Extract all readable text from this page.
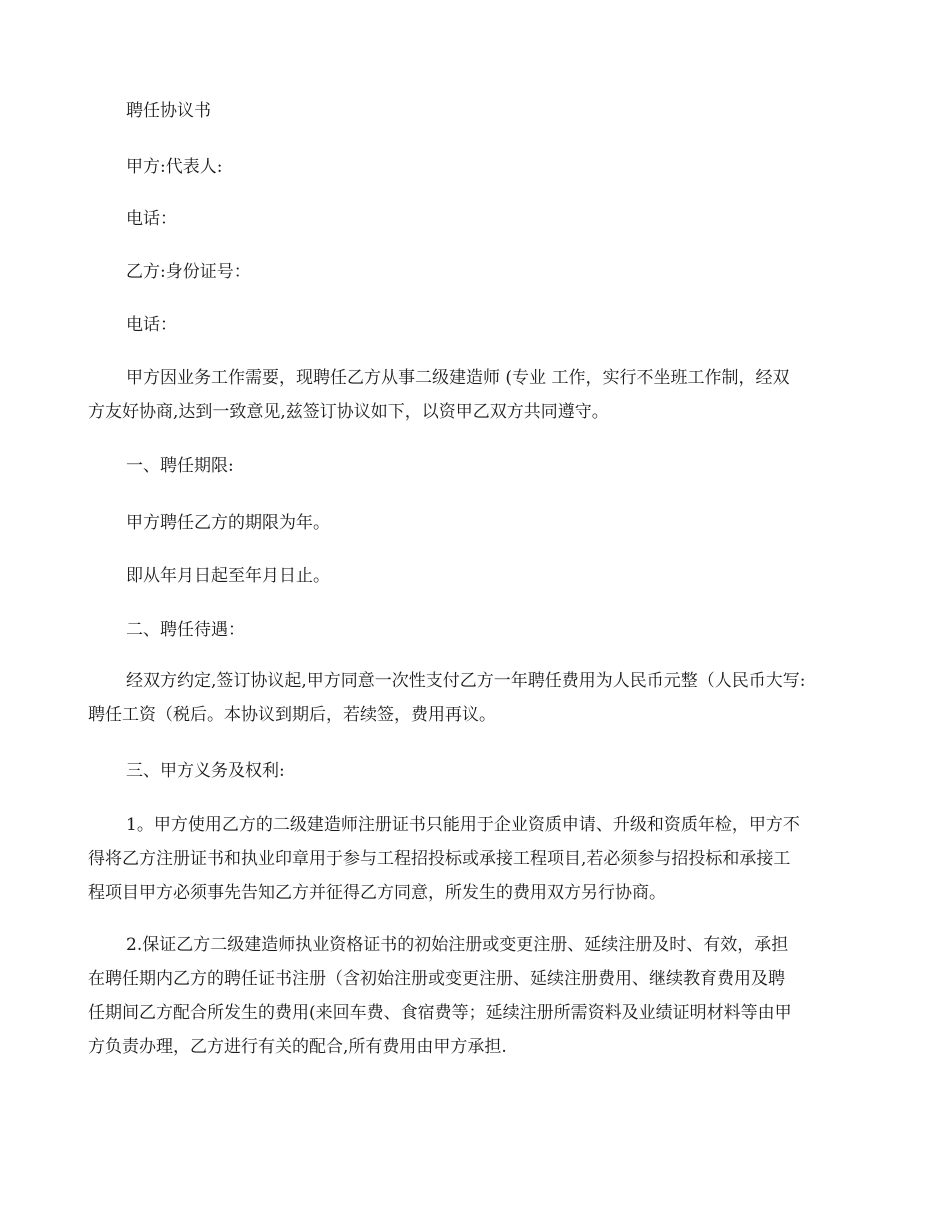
聘任协议书

甲方:代表人:

电话：

乙方:身份证号：

电话：

甲方因业务工作需要，现聘任乙方从事二级建造师 (专业 工作，实行不坐班工作制，经双
方友好协商,达到一致意见,兹签订协议如下，以资甲乙双方共同遵守。

一、聘任期限:

甲方聘任乙方的期限为年。

即从年月日起至年月日止。

二、聘任待遇：

经双方约定,签订协议起,甲方同意一次性支付乙方一年聘任费用为人民币元整（人民币大写:
聘任工资（税后。本协议到期后，若续签，费用再议。

三、甲方义务及权利:

1。甲方使用乙方的二级建造师注册证书只能用于企业资质申请、升级和资质年检，甲方不
得将乙方注册证书和执业印章用于参与工程招投标或承接工程项目,若必须参与招投标和承接工
程项目甲方必须事先告知乙方并征得乙方同意，所发生的费用双方另行协商。
2.保证乙方二级建造师执业资格证书的初始注册或变更注册、延续注册及时、有效，承担
在聘任期内乙方的聘任证书注册（含初始注册或变更注册、延续注册费用、继续教育费用及聘
任期间乙方配合所发生的费用(来回车费、食宿费等；延续注册所需资料及业绩证明材料等由甲
方负责办理，乙方进行有关的配合,所有费用由甲方承担.
